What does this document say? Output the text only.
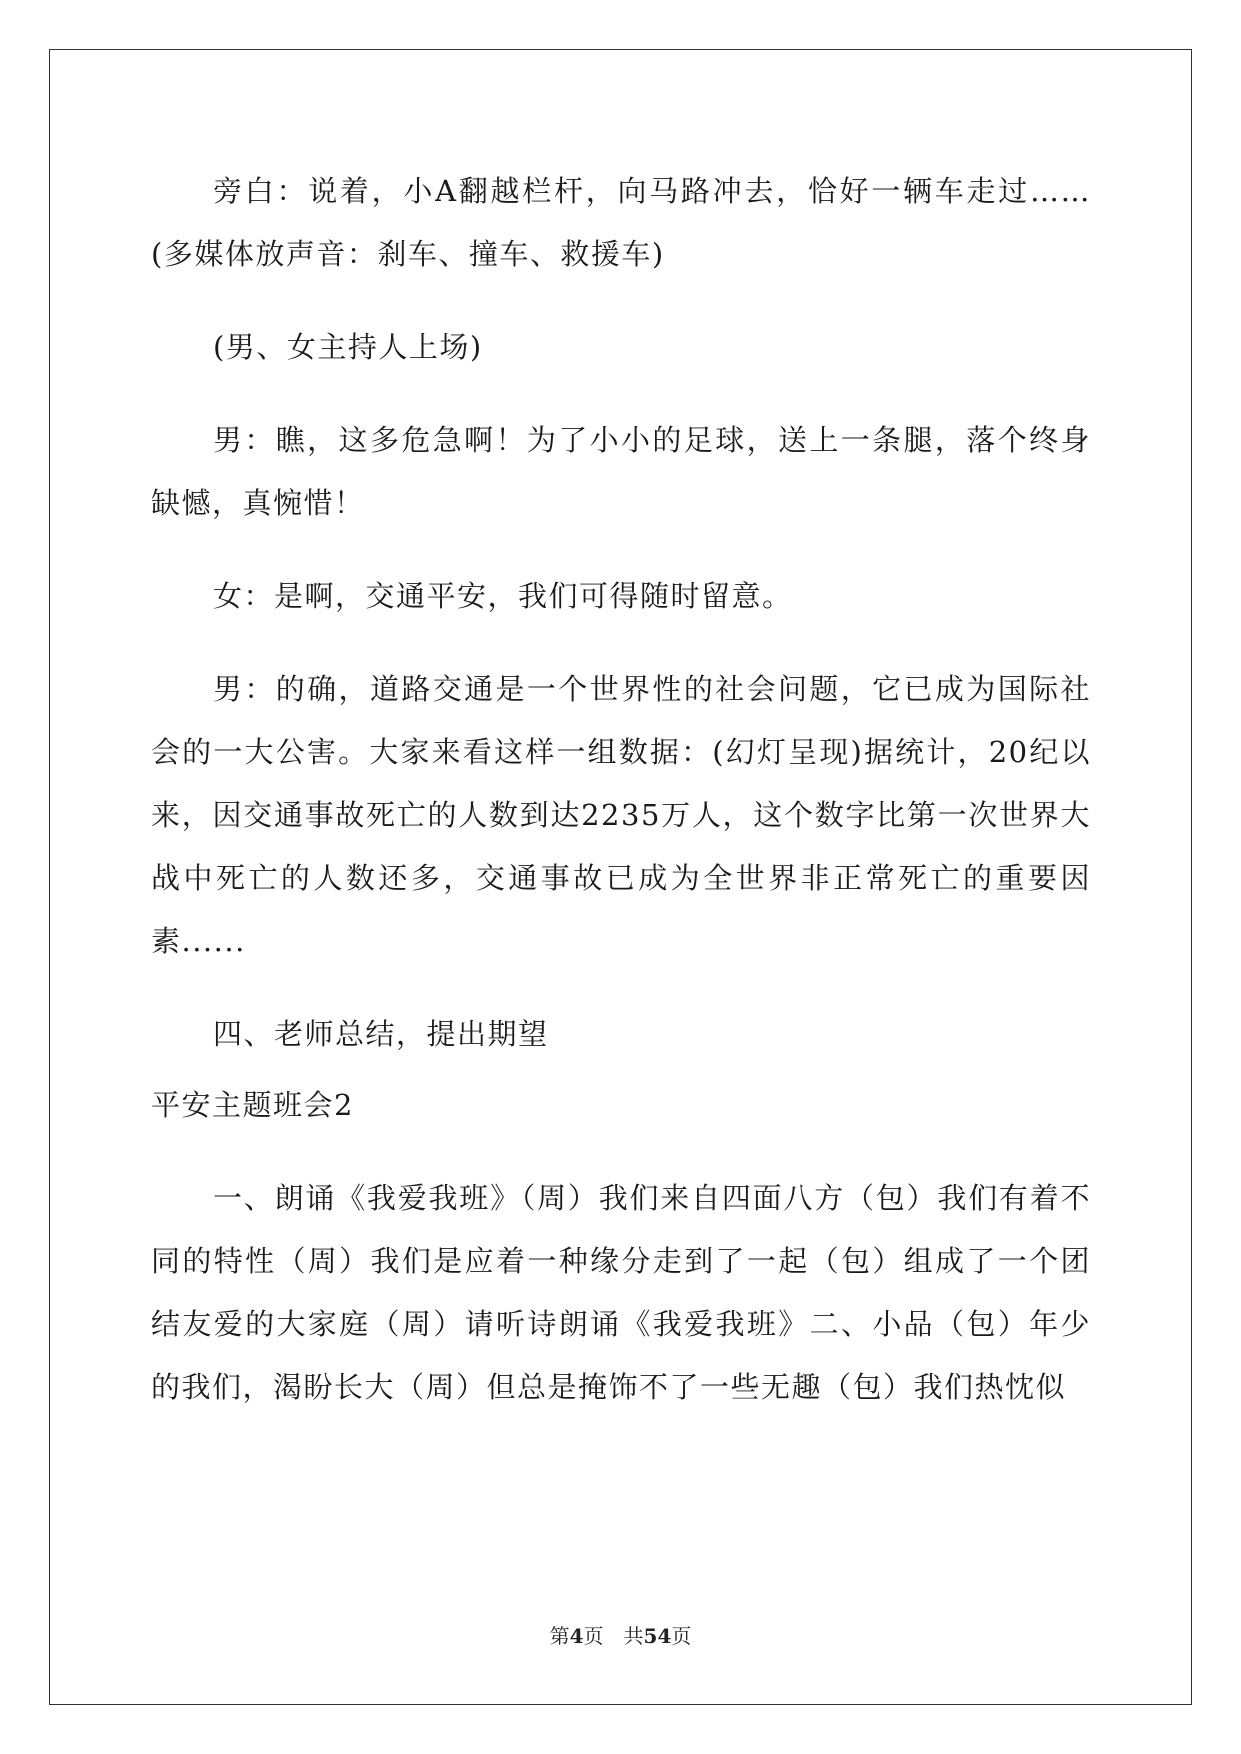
旁白：说着，小A翻越栏杆，向马路冲去，恰好一辆车走过……(多媒体放声音：刹车、撞车、救援车)

(男、女主持人上场)

男：瞧，这多危急啊！为了小小的足球，送上一条腿，落个终身缺憾，真惋惜！

女：是啊，交通平安，我们可得随时留意。

男：的确，道路交通是一个世界性的社会问题，它已成为国际社会的一大公害。大家来看这样一组数据：(幻灯呈现)据统计，20纪以来，因交通事故死亡的人数到达2235万人，这个数字比第一次世界大战中死亡的人数还多，交通事故已成为全世界非正常死亡的重要因素......

四、老师总结，提出期望

平安主题班会2

一、朗诵《我爱我班》（周）我们来自四面八方（包）我们有着不同的特性（周）我们是应着一种缘分走到了一起（包）组成了一个团结友爱的大家庭（周）请听诗朗诵《我爱我班》二、小品（包）年少的我们，渴盼长大（周）但总是掩饰不了一些无趣（包）我们热忱似

第4页　共54页
